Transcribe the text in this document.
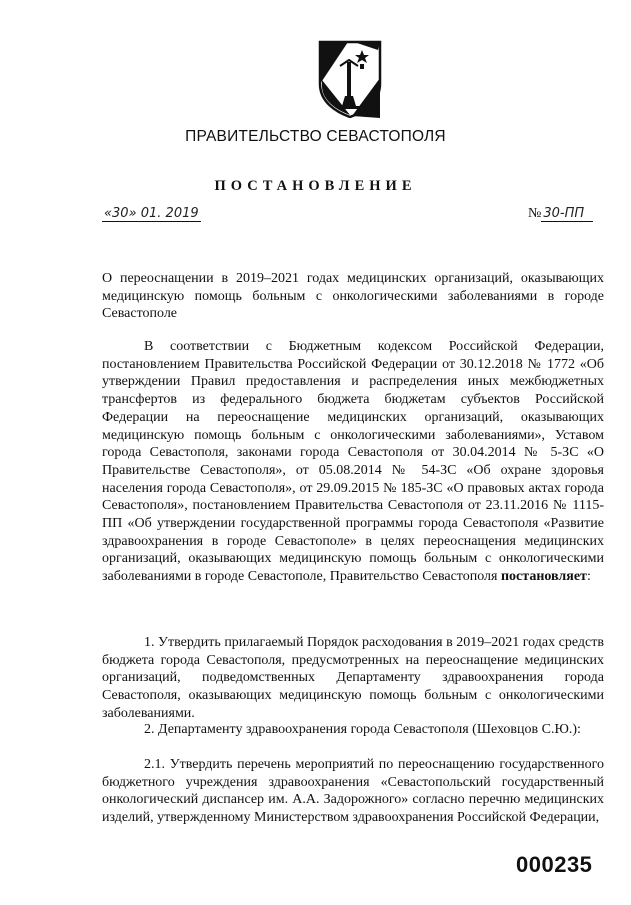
ПРАВИТЕЛЬСТВО СЕВАСТОПОЛЯ
ПОСТАНОВЛЕНИЕ
«30» 01. 2019	№ 30-ПП

О переоснащении в 2019–2021 годах медицинских организаций, оказывающих медицинскую помощь больным с онкологическими заболеваниями в городе Севастополе

В соответствии с Бюджетным кодексом Российской Федерации, постановлением Правительства Российской Федерации от 30.12.2018 № 1772 «Об утверждении Правил предоставления и распределения иных межбюджетных трансфертов из федерального бюджета бюджетам субъектов Российской Федерации на переоснащение медицинских организаций, оказывающих медицинскую помощь больным с онкологическими заболеваниями», Уставом города Севастополя, законами города Севастополя от 30.04.2014 № 5-ЗС «О Правительстве Севастополя», от 05.08.2014 № 54-ЗС «Об охране здоровья населения города Севастополя», от 29.09.2015 № 185-ЗС «О правовых актах города Севастополя», постановлением Правительства Севастополя от 23.11.2016 № 1115-ПП «Об утверждении государственной программы города Севастополя «Развитие здравоохранения в городе Севастополе» в целях переоснащения медицинских организаций, оказывающих медицинскую помощь больным с онкологическими заболеваниями в городе Севастополе, Правительство Севастополя постановляет:

1. Утвердить прилагаемый Порядок расходования в 2019–2021 годах средств бюджета города Севастополя, предусмотренных на переоснащение медицинских организаций, подведомственных Департаменту здравоохранения города Севастополя, оказывающих медицинскую помощь больным с онкологическими заболеваниями.

2. Департаменту здравоохранения города Севастополя (Шеховцов С.Ю.):

2.1. Утвердить перечень мероприятий по переоснащению государственного бюджетного учреждения здравоохранения «Севастопольский государственный онкологический диспансер им. А.А. Задорожного» согласно перечню медицинских изделий, утвержденному Министерством здравоохранения Российской Федерации,

000235
